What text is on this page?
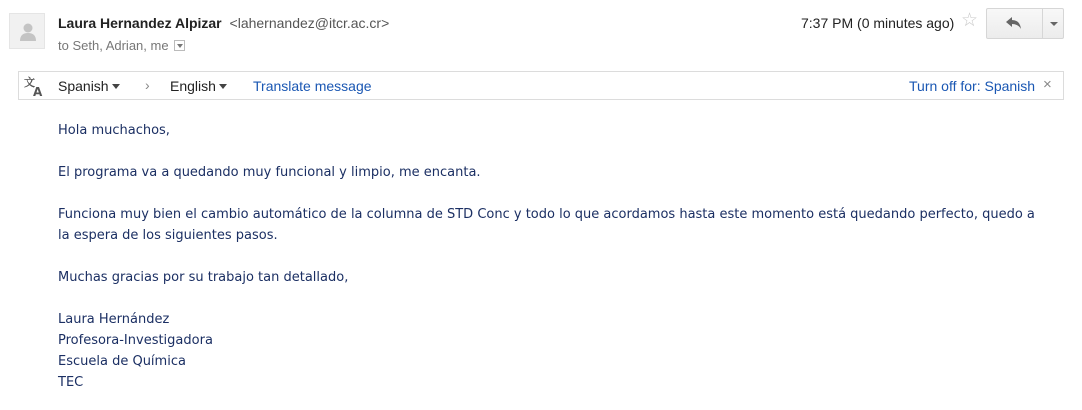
Laura Hernandez Alpizar <lahernandez@itcr.ac.cr>
to Seth, Adrian, me
7:37 PM (0 minutes ago) ☆
文
A Spanish	› English	Translate message	Turn off for: Spanish ×

Hola muchachos,

El programa va a quedando muy funcional y limpio, me encanta.

Funciona muy bien el cambio automático de la columna de STD Conc y todo lo que acordamos hasta este momento está quedando perfecto, quedo a la espera de los siguientes pasos.

Muchas gracias por su trabajo tan detallado,

Laura Hernández
Profesora-Investigadora
Escuela de Química
TEC
